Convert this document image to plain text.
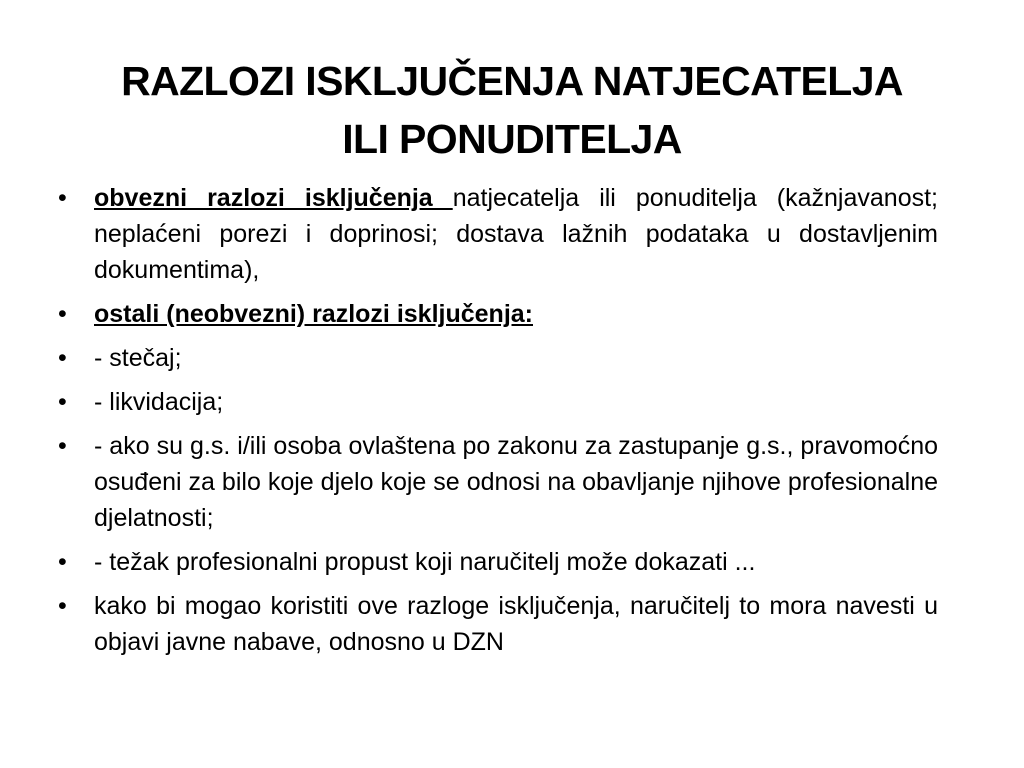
RAZLOZI ISKLJUČENJA NATJECATELJA
ILI PONUDITELJA
•	obvezni razlozi isključenja natjecatelja ili ponuditelja (kažnjavanost; neplaćeni porezi i doprinosi; dostava lažnih podataka u dostavljenim dokumentima),
•	ostali (neobvezni) razlozi isključenja:
•	- stečaj;
•	- likvidacija;
•	- ako su g.s. i/ili osoba ovlaštena po zakonu za zastupanje g.s., pravomoćno osuđeni za bilo koje djelo koje se odnosi na obavljanje njihove profesionalne djelatnosti;
•	- težak profesionalni propust koji naručitelj može dokazati ...
•	kako bi mogao koristiti ove razloge isključenja, naručitelj to mora navesti u objavi javne nabave, odnosno u DZN
